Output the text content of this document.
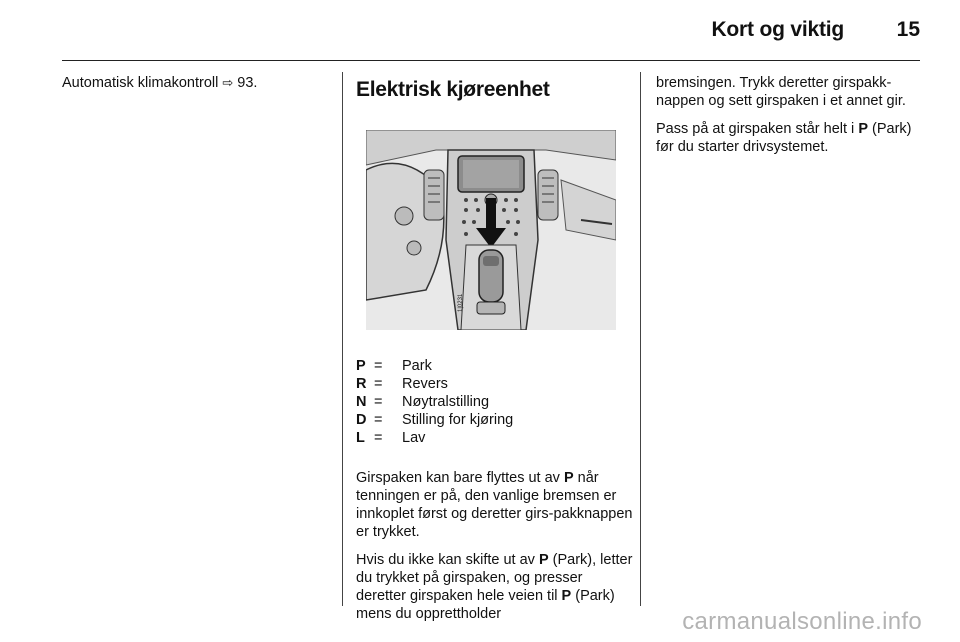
Kort og viktig	15
Automatisk klimakontroll ⇨ 93.	Elektrisk kjøreenhet
1|0231
P =	Park
R =	Revers
N =	Nøytralstilling
D =	Stilling for kjøring
L =	Lav

Girspaken kan bare flyttes ut av P når tenningen er på, den vanlige bremsen er innkoplet først og deretter girs-pakknappen er trykket.

Hvis du ikke kan skifte ut av P (Park), letter du trykket på girspaken, og presser deretter girspaken hele veien til P (Park) mens du opprettholder

bremsingen. Trykk deretter girspakk-nappen og sett girspaken i et annet gir.

Pass på at girspaken står helt i P (Park) før du starter drivsystemet.

carmanualsonline.info
